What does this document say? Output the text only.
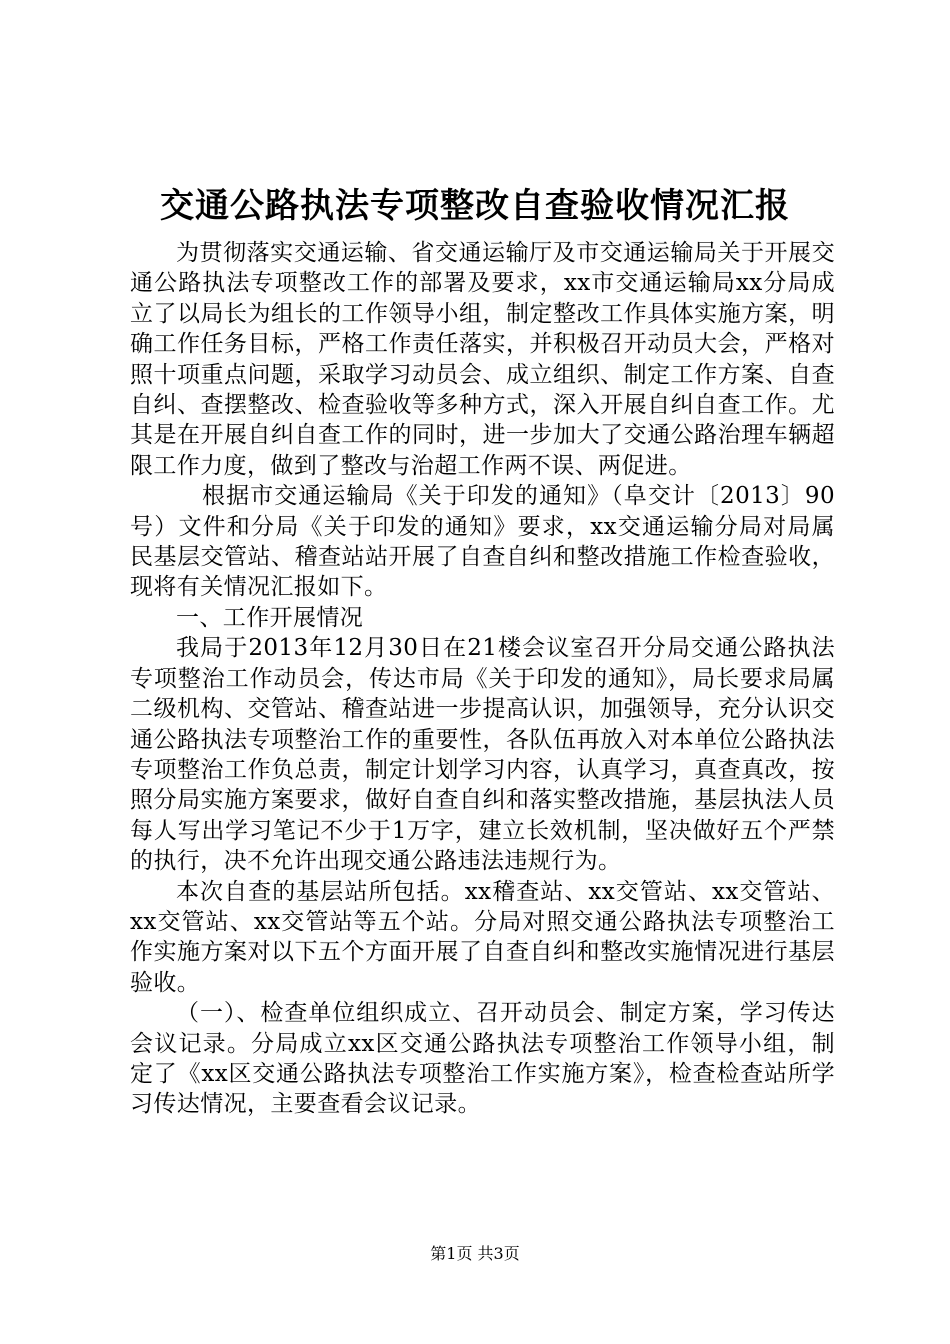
交通公路执法专项整改自查验收情况汇报

为贯彻落实交通运输、省交通运输厅及市交通运输局关于开展交通公路执法专项整改工作的部署及要求，xx市交通运输局xx分局成立了以局长为组长的工作领导小组，制定整改工作具体实施方案，明确工作任务目标，严格工作责任落实，并积极召开动员大会，严格对照十项重点问题，采取学习动员会、成立组织、制定工作方案、自查自纠、查摆整改、检查验收等多种方式，深入开展自纠自查工作。尤其是在开展自纠自查工作的同时，进一步加大了交通公路治理车辆超限工作力度，做到了整改与治超工作两不误、两促进。

根据市交通运输局《关于印发的通知》（阜交计〔2013〕90号）文件和分局《关于印发的通知》要求，xx交通运输分局对局属民基层交管站、稽查站站开展了自查自纠和整改措施工作检查验收，现将有关情况汇报如下。

一、工作开展情况

我局于2013年12月30日在21楼会议室召开分局交通公路执法专项整治工作动员会，传达市局《关于印发的通知》，局长要求局属二级机构、交管站、稽查站进一步提高认识，加强领导，充分认识交通公路执法专项整治工作的重要性，各队伍再放入对本单位公路执法专项整治工作负总责，制定计划学习内容，认真学习，真查真改，按照分局实施方案要求，做好自查自纠和落实整改措施，基层执法人员每人写出学习笔记不少于1万字，建立长效机制，坚决做好五个严禁的执行，决不允许出现交通公路违法违规行为。

本次自查的基层站所包括。xx稽查站、xx交管站、xx交管站、xx交管站、xx交管站等五个站。分局对照交通公路执法专项整治工作实施方案对以下五个方面开展了自查自纠和整改实施情况进行基层验收。

（一）、检查单位组织成立、召开动员会、制定方案，学习传达会议记录。分局成立xx区交通公路执法专项整治工作领导小组，制定了《xx区交通公路执法专项整治工作实施方案》，检查检查站所学习传达情况，主要查看会议记录。

第1页 共3页
